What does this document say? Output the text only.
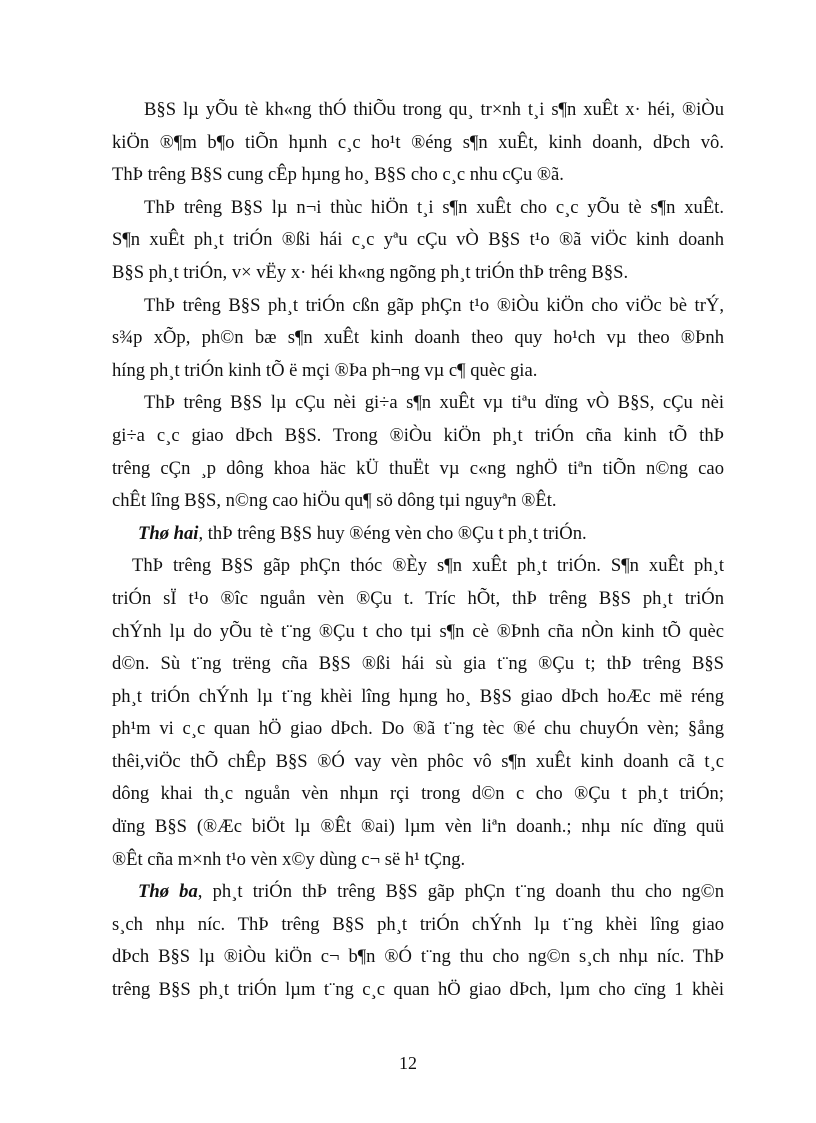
B§S lµ yÕu tè kh«ng thÓ thiÕu trong qu¸ tr×nh t¸i s¶n xuÊt x· héi, ®iÒu
kiÖn ®¶m b¶o tiÕn hµnh c¸c ho¹t ®éng s¶n xuÊt, kinh doanh, dÞch vô.
ThÞ trêng B§S cung cÊp hµng ho¸ B§S cho c¸c nhu cÇu ®ã.
ThÞ trêng B§S lµ n¬i thùc hiÖn t¸i s¶n xuÊt cho c¸c yÕu tè s¶n xuÊt.
S¶n xuÊt ph¸t triÓn ®ßi hái c¸c yªu cÇu vÒ B§S t¹o ®ã viÖc kinh doanh
B§S ph¸t triÓn, v× vËy x· héi kh«ng ngõng ph¸t triÓn thÞ trêng B§S.
ThÞ trêng B§S ph¸t triÓn cßn gãp phÇn t¹o ®iÒu kiÖn cho viÖc bè trÝ,
s¾p xÕp, ph©n bæ s¶n xuÊt kinh doanh theo quy ho¹ch vµ theo ®Þnh
híng ph¸t triÓn kinh tÕ ë mçi ®Þa ph¬ng vµ c¶ quèc gia.
ThÞ trêng B§S lµ cÇu nèi gi÷a s¶n xuÊt vµ tiªu dïng vÒ B§S, cÇu nèi
gi÷a c¸c giao dÞch B§S. Trong ®iÒu kiÖn ph¸t triÓn cña kinh tÕ thÞ
trêng cÇn ¸p dông khoa häc kÜ thuËt vµ c«ng nghÖ tiªn tiÕn n©ng cao
chÊt lîng B§S, n©ng cao hiÖu qu¶ sö dông tµi nguyªn ®Êt.
Thø hai, thÞ trêng B§S huy ®éng vèn cho ®Çu t ph¸t triÓn.
ThÞ trêng B§S gãp phÇn thóc ®Èy s¶n xuÊt ph¸t triÓn. S¶n xuÊt ph¸t
triÓn sÏ t¹o ®îc nguån vèn ®Çu t. Tríc hÕt, thÞ trêng B§S ph¸t triÓn
chÝnh lµ do yÕu tè t¨ng ®Çu t cho tµi s¶n cè ®Þnh cña nÒn kinh tÕ quèc
d©n. Sù t¨ng trëng cña B§S ®ßi hái sù gia t¨ng ®Çu t; thÞ trêng B§S
ph¸t triÓn chÝnh lµ t¨ng khèi lîng hµng ho¸ B§S giao dÞch hoÆc më réng
ph¹m vi c¸c quan hÖ giao dÞch. Do ®ã t¨ng tèc ®é chu chuyÓn vèn; §ång
thêi,viÖc thÕ chÊp B§S ®Ó vay vèn phôc vô s¶n xuÊt kinh doanh cã t¸c
dông khai th¸c nguån vèn nhµn rçi trong d©n c cho ®Çu t ph¸t triÓn;
dïng B§S (®Æc biÖt lµ ®Êt ®ai) lµm vèn liªn doanh.; nhµ níc dïng quü
®Êt cña m×nh t¹o vèn x©y dùng c¬ së h¹ tÇng.
Thø ba, ph¸t triÓn thÞ trêng B§S gãp phÇn t¨ng doanh thu cho ng©n
s¸ch nhµ níc. ThÞ trêng B§S ph¸t triÓn chÝnh lµ t¨ng khèi lîng giao
dÞch B§S lµ ®iÒu kiÖn c¬ b¶n ®Ó t¨ng thu cho ng©n s¸ch nhµ níc. ThÞ
trêng B§S ph¸t triÓn lµm t¨ng c¸c quan hÖ giao dÞch, lµm cho cïng 1 khèi
12
